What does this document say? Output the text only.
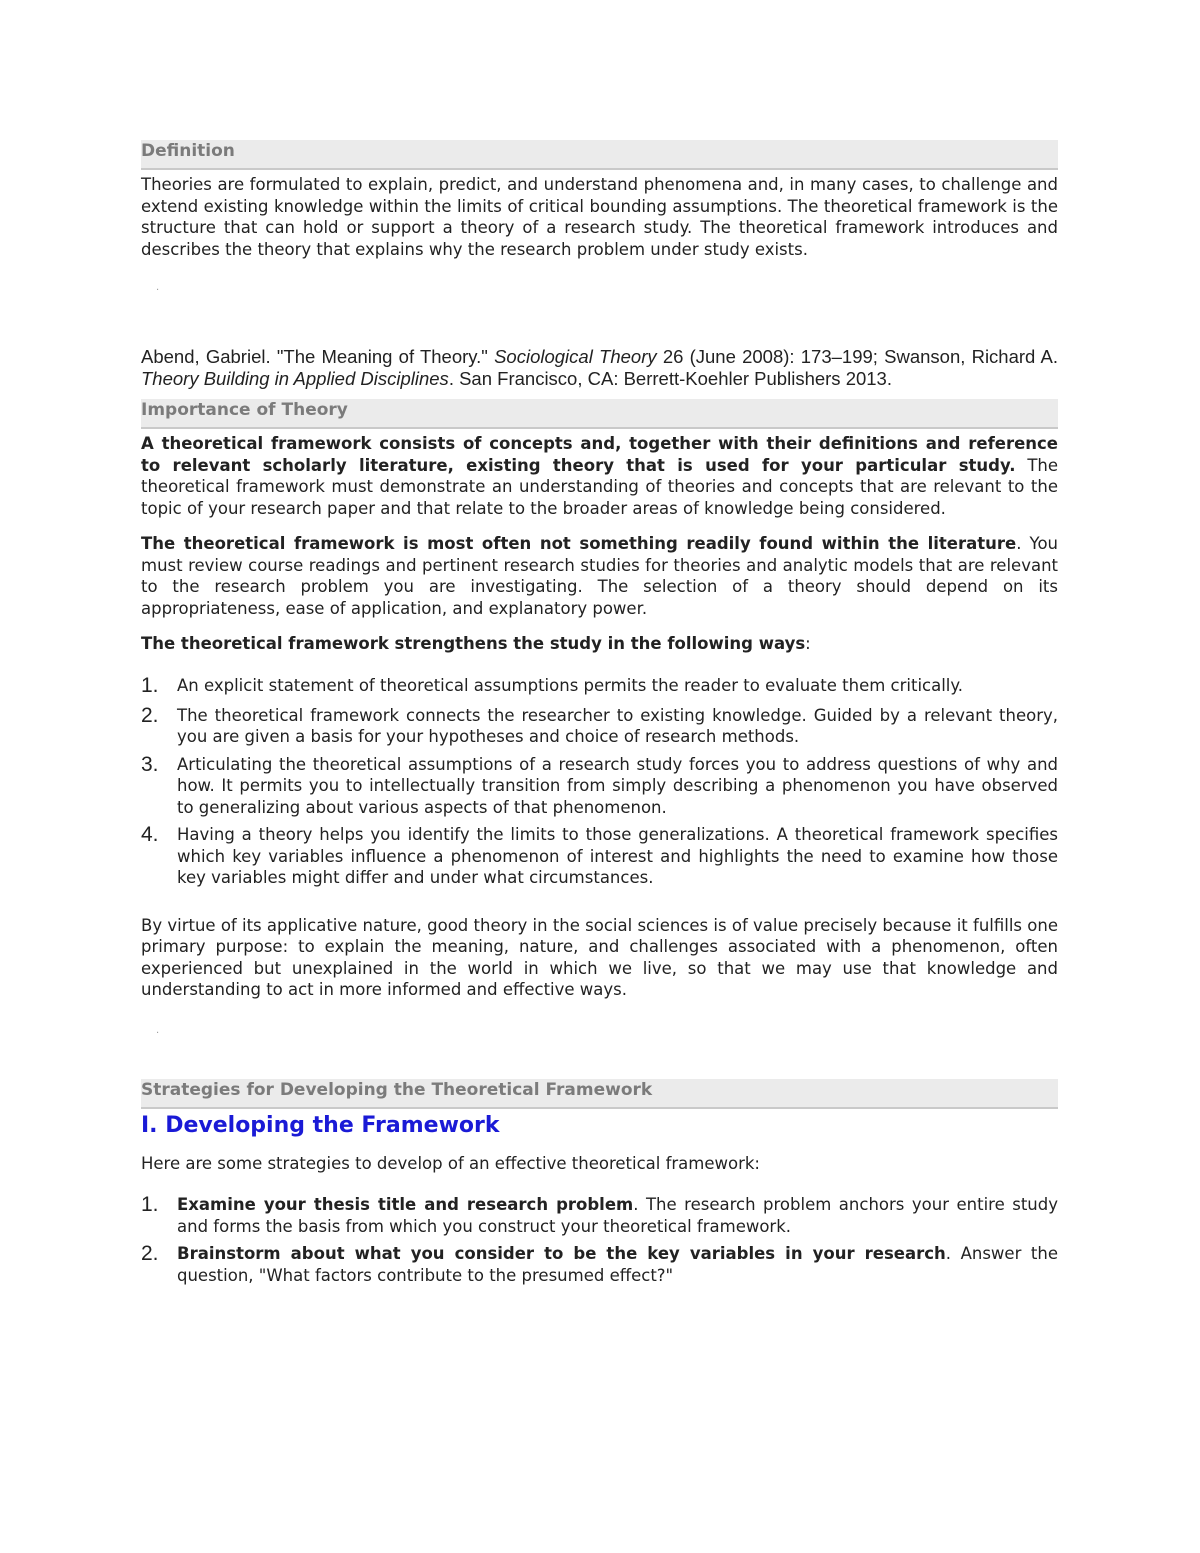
Definition

Theories are formulated to explain, predict, and understand phenomena and, in many cases, to challenge and extend existing knowledge within the limits of critical bounding assumptions. The theoretical framework is the structure that can hold or support a theory of a research study. The theoretical framework introduces and describes the theory that explains why the research problem under study exists.

.

Abend, Gabriel. "The Meaning of Theory." Sociological Theory 26 (June 2008): 173–199; Swanson, Richard A. Theory Building in Applied Disciplines. San Francisco, CA: Berrett-Koehler Publishers 2013.

Importance of Theory

A theoretical framework consists of concepts and, together with their definitions and reference to relevant scholarly literature, existing theory that is used for your particular study. The theoretical framework must demonstrate an understanding of theories and concepts that are relevant to the topic of your research paper and that relate to the broader areas of knowledge being considered.

The theoretical framework is most often not something readily found within the literature. You must review course readings and pertinent research studies for theories and analytic models that are relevant to the research problem you are investigating. The selection of a theory should depend on its appropriateness, ease of application, and explanatory power.

The theoretical framework strengthens the study in the following ways:

1.	An explicit statement of theoretical assumptions permits the reader to evaluate them critically.
2.	The theoretical framework connects the researcher to existing knowledge. Guided by a relevant theory, you are given a basis for your hypotheses and choice of research methods.
3.	Articulating the theoretical assumptions of a research study forces you to address questions of why and how. It permits you to intellectually transition from simply describing a phenomenon you have observed to generalizing about various aspects of that phenomenon.
4.	Having a theory helps you identify the limits to those generalizations. A theoretical framework specifies which key variables influence a phenomenon of interest and highlights the need to examine how those key variables might differ and under what circumstances.

By virtue of its applicative nature, good theory in the social sciences is of value precisely because it fulfills one primary purpose: to explain the meaning, nature, and challenges associated with a phenomenon, often experienced but unexplained in the world in which we live, so that we may use that knowledge and understanding to act in more informed and effective ways.

.
Strategies for Developing the Theoretical Framework
I. Developing the Framework

Here are some strategies to develop of an effective theoretical framework:

1.	Examine your thesis title and research problem. The research problem anchors your entire study and forms the basis from which you construct your theoretical framework.
2.	Brainstorm about what you consider to be the key variables in your research. Answer the question, "What factors contribute to the presumed effect?"
